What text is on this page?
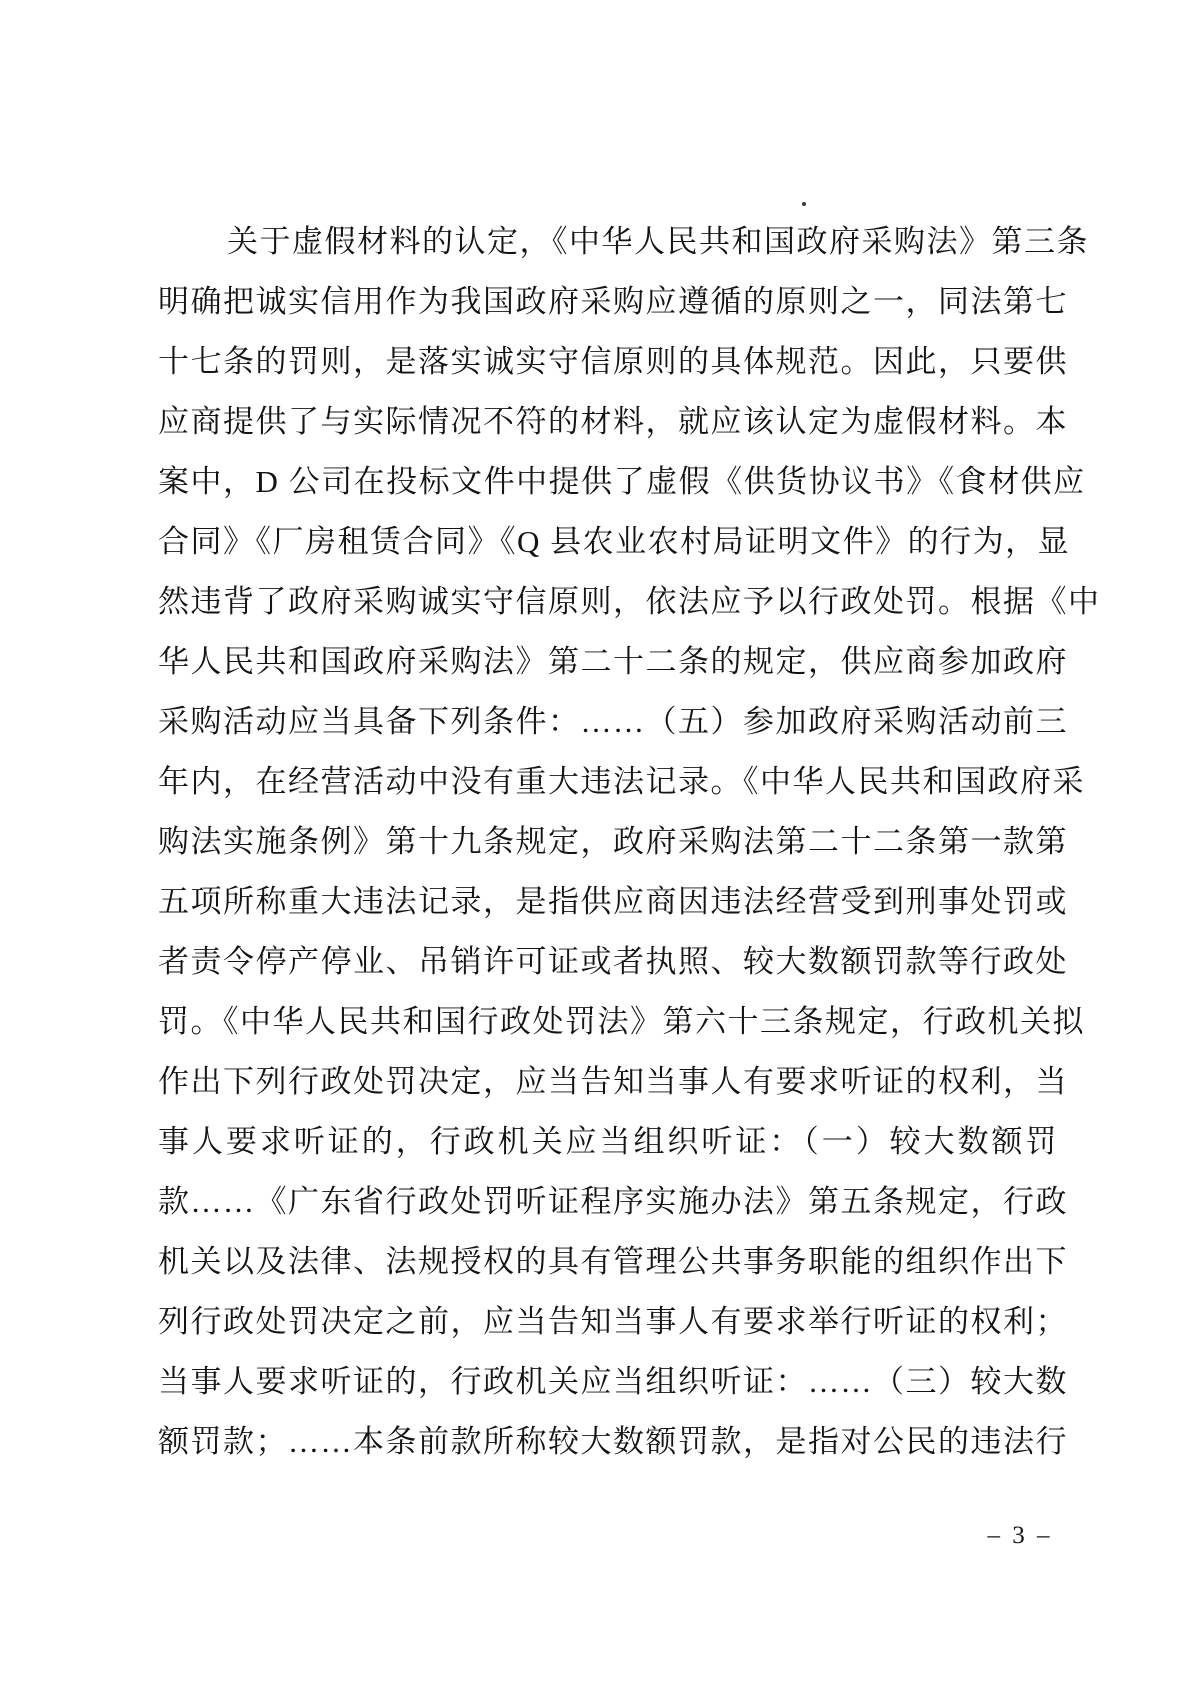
关于虚假材料的认定，《中华人民共和国政府采购法》第三条
明确把诚实信用作为我国政府采购应遵循的原则之一，同法第七
十七条的罚则，是落实诚实守信原则的具体规范。因此，只要供
应商提供了与实际情况不符的材料，就应该认定为虚假材料。本
案中，D 公司在投标文件中提供了虚假《供货协议书》《食材供应
合同》《厂房租赁合同》《Q 县农业农村局证明文件》的行为，显
然违背了政府采购诚实守信原则，依法应予以行政处罚。根据《中
华人民共和国政府采购法》第二十二条的规定，供应商参加政府
采购活动应当具备下列条件：……（五）参加政府采购活动前三
年内，在经营活动中没有重大违法记录。《中华人民共和国政府采
购法实施条例》第十九条规定，政府采购法第二十二条第一款第
五项所称重大违法记录，是指供应商因违法经营受到刑事处罚或
者责令停产停业、吊销许可证或者执照、较大数额罚款等行政处
罚。《中华人民共和国行政处罚法》第六十三条规定，行政机关拟
作出下列行政处罚决定，应当告知当事人有要求听证的权利，当
事人要求听证的，行政机关应当组织听证：（一）较大数额罚
款……《广东省行政处罚听证程序实施办法》第五条规定，行政
机关以及法律、法规授权的具有管理公共事务职能的组织作出下
列行政处罚决定之前，应当告知当事人有要求举行听证的权利；
当事人要求听证的，行政机关应当组织听证：……（三）较大数
额罚款；……本条前款所称较大数额罚款，是指对公民的违法行
– 3 –
